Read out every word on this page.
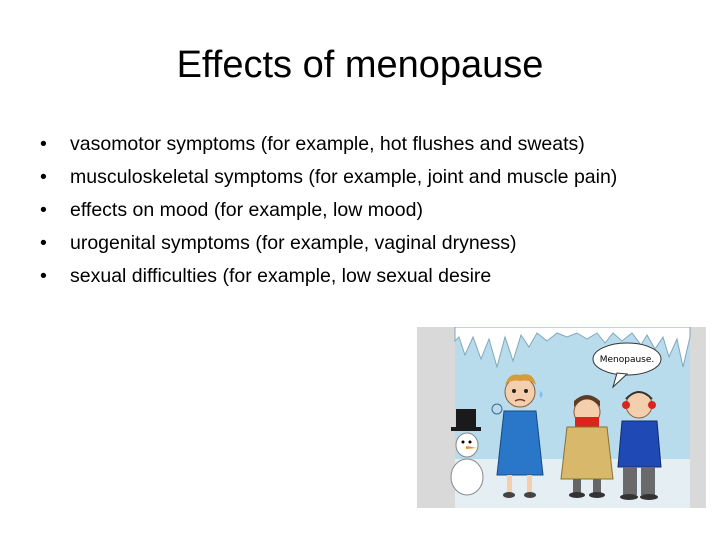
Effects of menopause
• vasomotor symptoms (for example, hot flushes and sweats)
• musculoskeletal symptoms (for example, joint and muscle pain)
• effects on mood (for example, low mood)
• urogenital symptoms (for example, vaginal dryness)
• sexual difficulties (for example, low sexual desire
Menopause.
